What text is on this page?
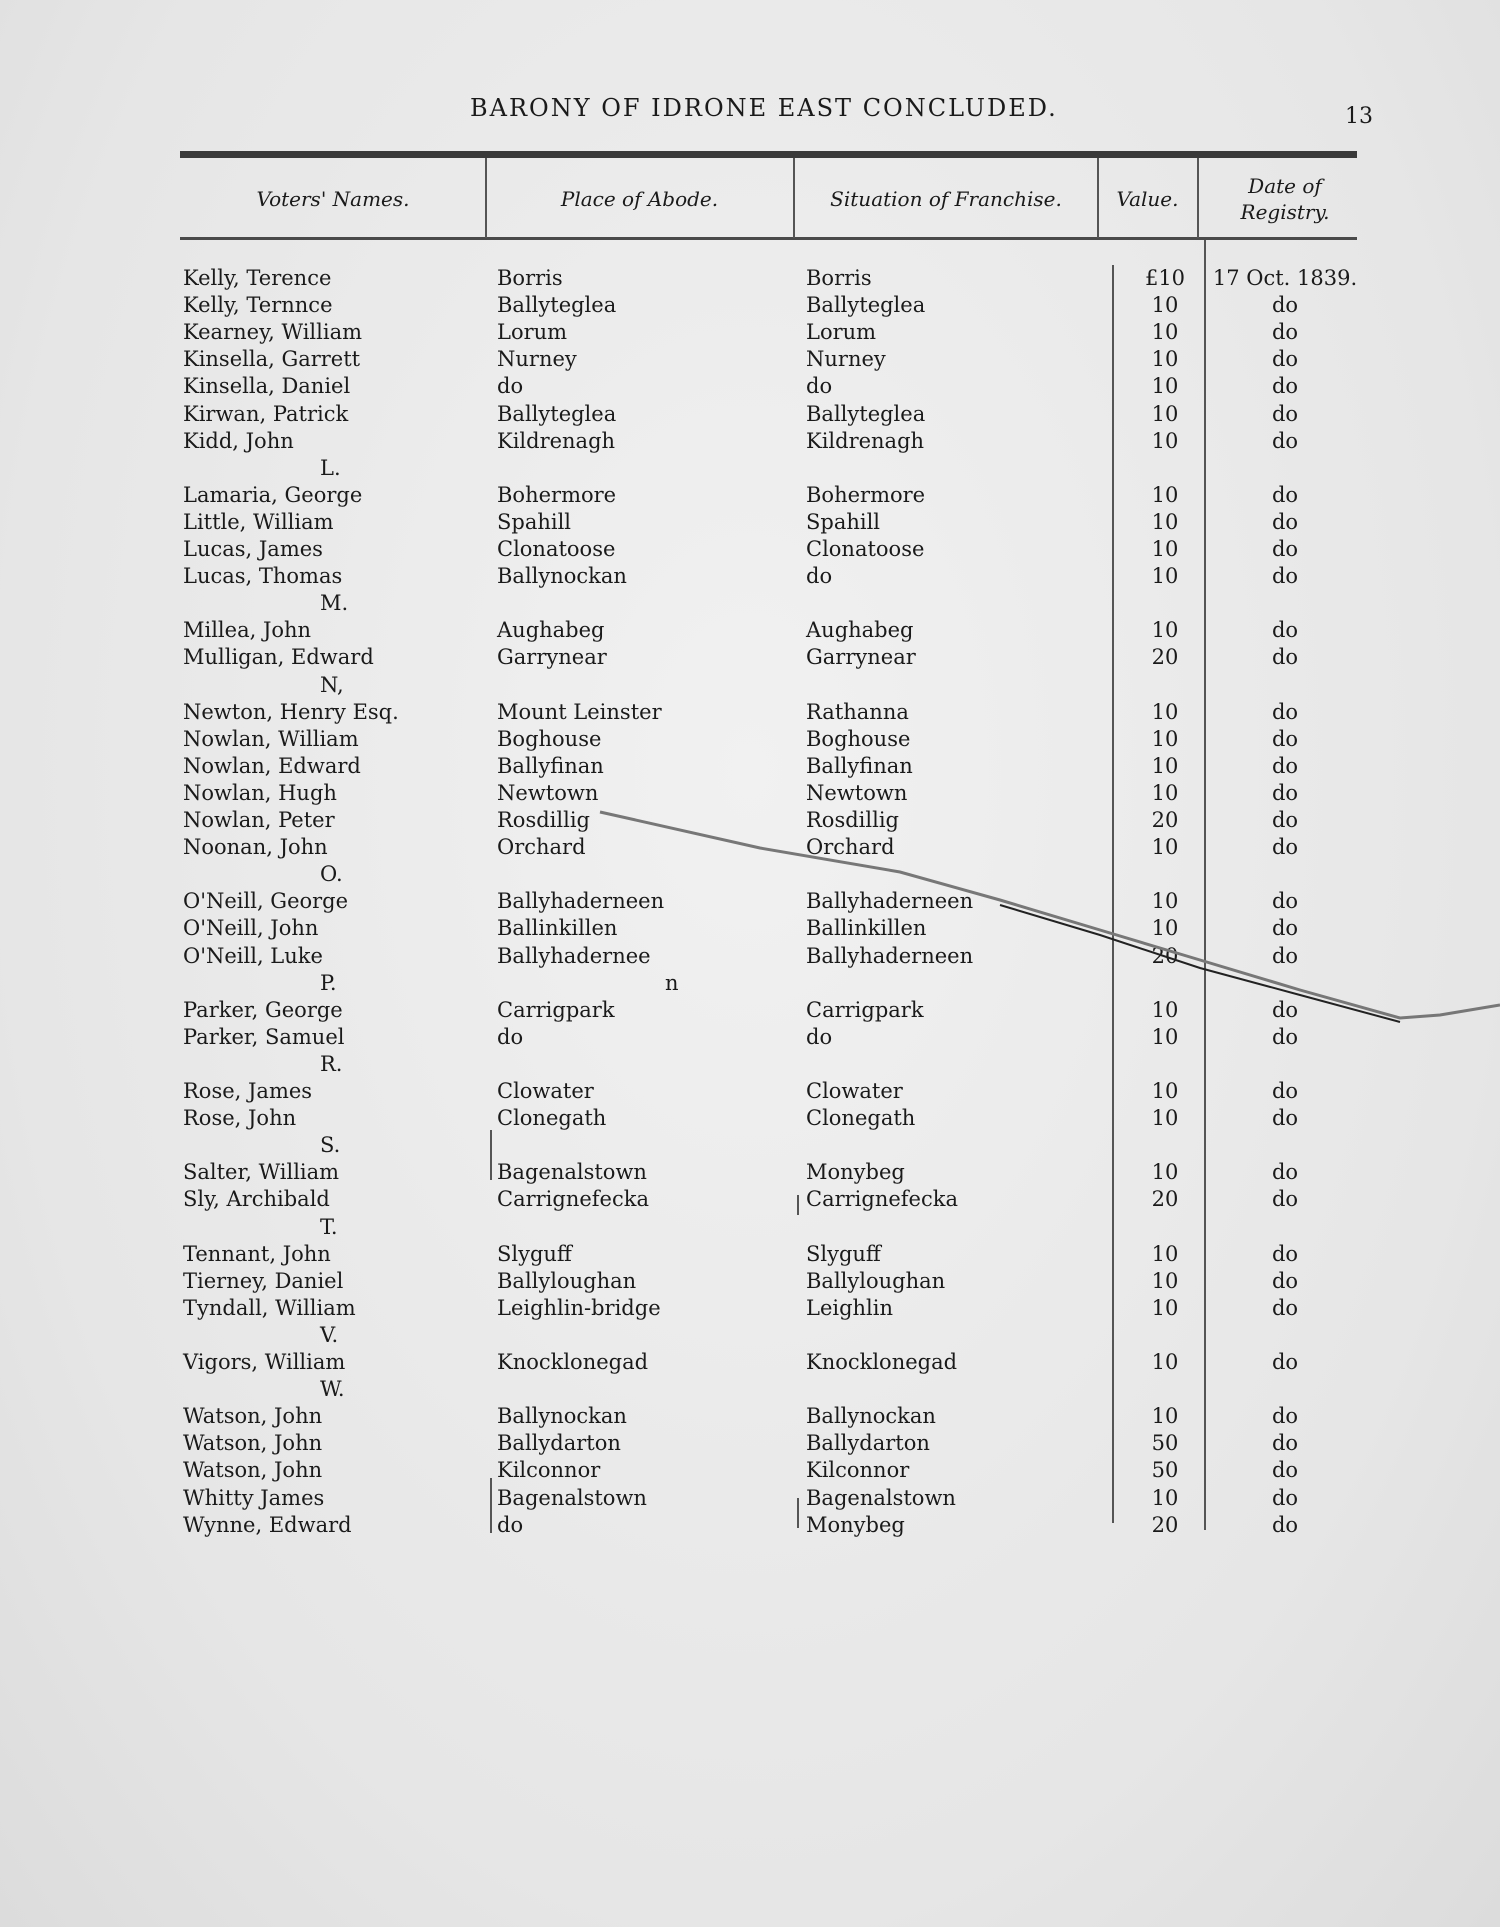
BARONY OF IDRONE EAST CONCLUDED.	13
Voters' Names.	Place of Abode.	Situation of Franchise.	Value.
Date of
Registry.
Kelly, Terence	Borris	Borris	£10	17 Oct. 1839.
Kelly, Ternnce	Ballyteglea	Ballyteglea	10	do
Kearney, William	Lorum	Lorum	10	do
Kinsella, Garrett	Nurney	Nurney	10	do
Kinsella, Daniel	do	do	10	do
Kirwan, Patrick	Ballyteglea	Ballyteglea	10	do
Kidd, John	Kildrenagh	Kildrenagh	10	do
L.
Lamaria, George	Bohermore	Bohermore	10	do
Little, William	Spahill	Spahill	10	do
Lucas, James	Clonatoose	Clonatoose	10	do
Lucas, Thomas	Ballynockan	do	10	do
M.
Millea, John	Aughabeg	Aughabeg	10	do
Mulligan, Edward	Garrynear	Garrynear	20	do
N,
Newton, Henry Esq.	Mount Leinster	Rathanna	10	do
Nowlan, William	Boghouse	Boghouse	10	do
Nowlan, Edward	Ballyfinan	Ballyfinan	10	do
Nowlan, Hugh	Newtown	Newtown	10	do
Nowlan, Peter	Rosdillig	Rosdillig	20	do
Noonan, John	Orchard	Orchard	10	do
O.
O'Neill, George	Ballyhaderneen	Ballyhaderneen	10	do
O'Neill, John	Ballinkillen	Ballinkillen	10	do
O'Neill, Luke	Ballyhadernee	Ballyhaderneen	20	do
P.	n
Parker, George	Carrigpark	Carrigpark	10	do
Parker, Samuel	do	do	10	do
R.
Rose, James	Clowater	Clowater	10	do
Rose, John	Clonegath	Clonegath	10	do
S.
Salter, William	Bagenalstown	Monybeg	10	do
Sly, Archibald	Carrignefecka	Carrignefecka	20	do
T.
Tennant, John	Slyguff	Slyguff	10	do
Tierney, Daniel	Ballyloughan	Ballyloughan	10	do
Tyndall, William	Leighlin-bridge	Leighlin	10	do
V.
Vigors, William	Knocklonegad	Knocklonegad	10	do
W.
Watson, John	Ballynockan	Ballynockan	10	do
Watson, John	Ballydarton	Ballydarton	50	do
Watson, John	Kilconnor	Kilconnor	50	do
Whitty James	Bagenalstown	Bagenalstown	10	do
Wynne, Edward	do	Monybeg	20	do
